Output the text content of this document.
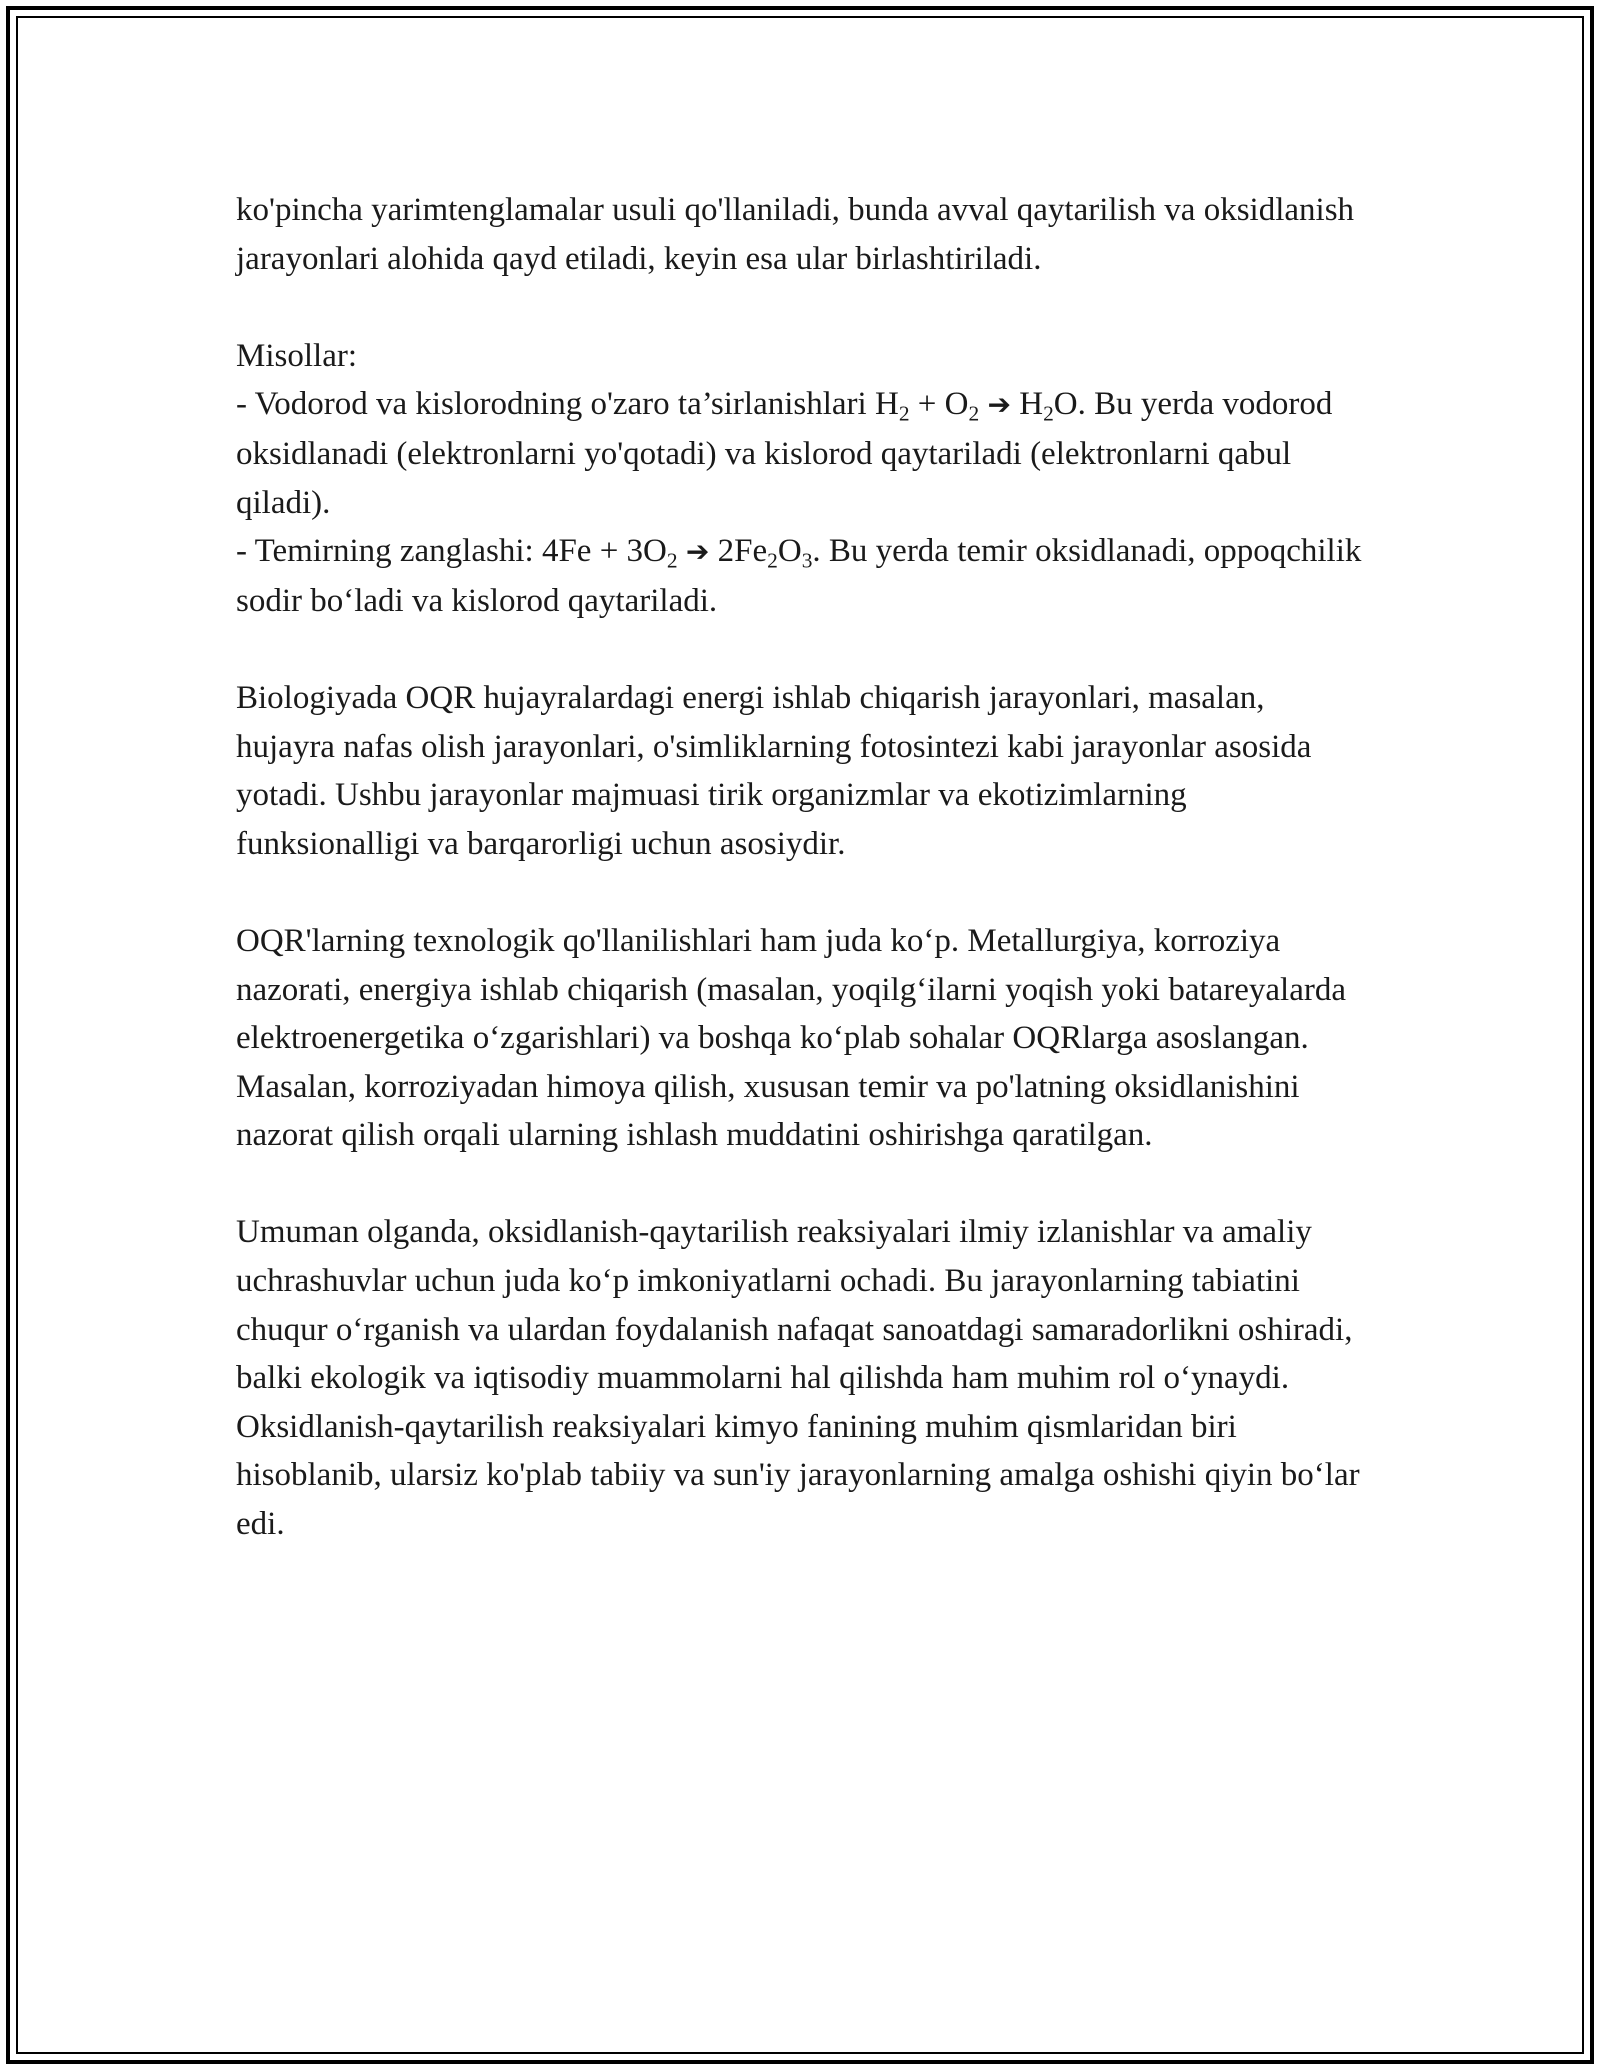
ko'pincha yarimtenglamalar usuli qo'llaniladi, bunda avval qaytarilish va oksidlanish jarayonlari alohida qayd etiladi, keyin esa ular birlashtiriladi.

Misollar:

- Vodorod va kislorodning o'zaro ta’sirlanishlari $H_2 + O_2$ ➔ $H_2O$. Bu yerda vodorod oksidlanadi (elektronlarni yo'qotadi) va kislorod qaytariladi (elektronlarni qabul qiladi).

- Temirning zanglashi: $4Fe + 3O_2$ ➔ $2Fe_2O_3$. Bu yerda temir oksidlanadi, oppoqchilik sodir bo‘ladi va kislorod qaytariladi.

Biologiyada OQR hujayralardagi energi ishlab chiqarish jarayonlari, masalan, hujayra nafas olish jarayonlari, o'simliklarning fotosintezi kabi jarayonlar asosida yotadi. Ushbu jarayonlar majmuasi tirik organizmlar va ekotizimlarning funksionalligi va barqarorligi uchun asosiydir.

OQR'larning texnologik qo'llanilishlari ham juda ko‘p. Metallurgiya, korroziya nazorati, energiya ishlab chiqarish (masalan, yoqilg‘ilarni yoqish yoki batareyalarda elektroenergetika o‘zgarishlari) va boshqa ko‘plab sohalar OQRlarga asoslangan. Masalan, korroziyadan himoya qilish, xususan temir va po'latning oksidlanishini nazorat qilish orqali ularning ishlash muddatini oshirishga qaratilgan.

Umuman olganda, oksidlanish-qaytarilish reaksiyalari ilmiy izlanishlar va amaliy uchrashuvlar uchun juda ko‘p imkoniyatlarni ochadi. Bu jarayonlarning tabiatini chuqur o‘rganish va ulardan foydalanish nafaqat sanoatdagi samaradorlikni oshiradi, balki ekologik va iqtisodiy muammolarni hal qilishda ham muhim rol o‘ynaydi. Oksidlanish-qaytarilish reaksiyalari kimyo fanining muhim qismlaridan biri hisoblanib, ularsiz ko'plab tabiiy va sun'iy jarayonlarning amalga oshishi qiyin bo‘lar edi.
